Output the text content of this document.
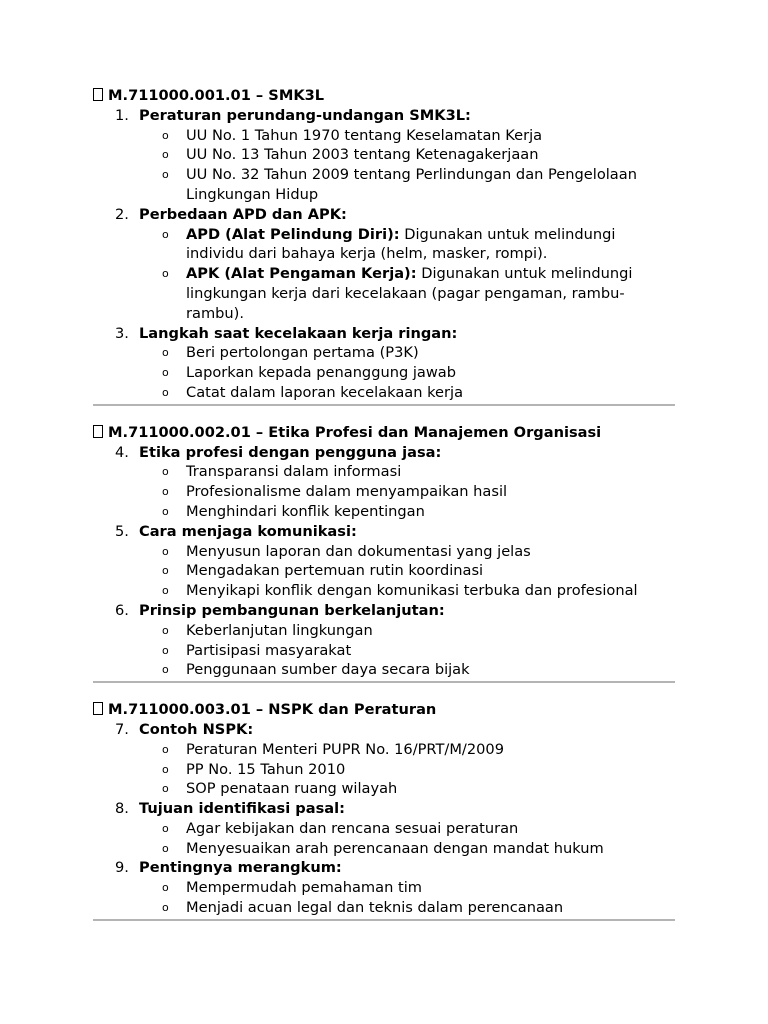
M.711000.001.01 – SMK3L
1. Peraturan perundang-undangan SMK3L:
o UU No. 1 Tahun 1970 tentang Keselamatan Kerja
o UU No. 13 Tahun 2003 tentang Ketenagakerjaan
o UU No. 32 Tahun 2009 tentang Perlindungan dan Pengelolaan Lingkungan Hidup
2. Perbedaan APD dan APK:
o APD (Alat Pelindung Diri): Digunakan untuk melindungi individu dari bahaya kerja (helm, masker, rompi).
o APK (Alat Pengaman Kerja): Digunakan untuk melindungi lingkungan kerja dari kecelakaan (pagar pengaman, rambu-rambu).
3. Langkah saat kecelakaan kerja ringan:
o Beri pertolongan pertama (P3K)
o Laporkan kepada penanggung jawab
o Catat dalam laporan kecelakaan kerja
M.711000.002.01 – Etika Profesi dan Manajemen Organisasi
4. Etika profesi dengan pengguna jasa:
o Transparansi dalam informasi
o Profesionalisme dalam menyampaikan hasil
o Menghindari konflik kepentingan
5. Cara menjaga komunikasi:
o Menyusun laporan dan dokumentasi yang jelas
o Mengadakan pertemuan rutin koordinasi
o Menyikapi konflik dengan komunikasi terbuka dan profesional
6. Prinsip pembangunan berkelanjutan:
o Keberlanjutan lingkungan
o Partisipasi masyarakat
o Penggunaan sumber daya secara bijak
M.711000.003.01 – NSPK dan Peraturan
7. Contoh NSPK:
o Peraturan Menteri PUPR No. 16/PRT/M/2009
o PP No. 15 Tahun 2010
o SOP penataan ruang wilayah
8. Tujuan identifikasi pasal:
o Agar kebijakan dan rencana sesuai peraturan
o Menyesuaikan arah perencanaan dengan mandat hukum
9. Pentingnya merangkum:
o Mempermudah pemahaman tim
o Menjadi acuan legal dan teknis dalam perencanaan
